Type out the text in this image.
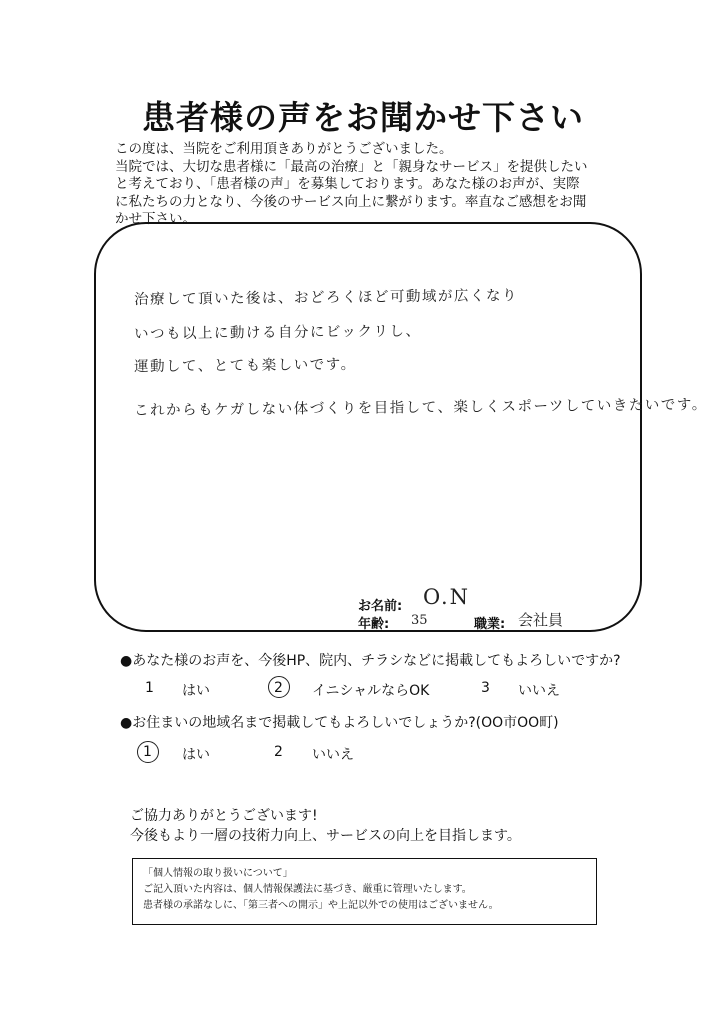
患者様の声をお聞かせ下さい
この度は、当院をご利用頂きありがとうございました。
当院では、大切な患者様に「最高の治療」と「親身なサービス」を提供したい
と考えており、「患者様の声」を募集しております。あなた様のお声が、実際
に私たちの力となり、今後のサービス向上に繋がります。率直なご感想をお聞
かせ下さい。
治療して頂いた後は、おどろくほど可動域が広くなり
いつも以上に動ける自分にビックリし、
運動して、とても楽しいです。
これからもケガしない体づくりを目指して、楽しくスポーツしていきたいです。
お名前: O.N
年齢: 35	職業: 会社員
●あなた様のお声を、今後HP、院内、チラシなどに掲載してもよろしいですか?
1 はい	2 イニシャルならOK	3 いいえ
●お住まいの地域名まで掲載してもよろしいでしょうか?(OO市OO町)
1 はい	2 いいえ
ご協力ありがとうございます!
今後もより一層の技術力向上、サービスの向上を目指します。
「個人情報の取り扱いについて」
ご記入頂いた内容は、個人情報保護法に基づき、厳重に管理いたします。
患者様の承諾なしに、「第三者への開示」や上記以外での使用はございません。
